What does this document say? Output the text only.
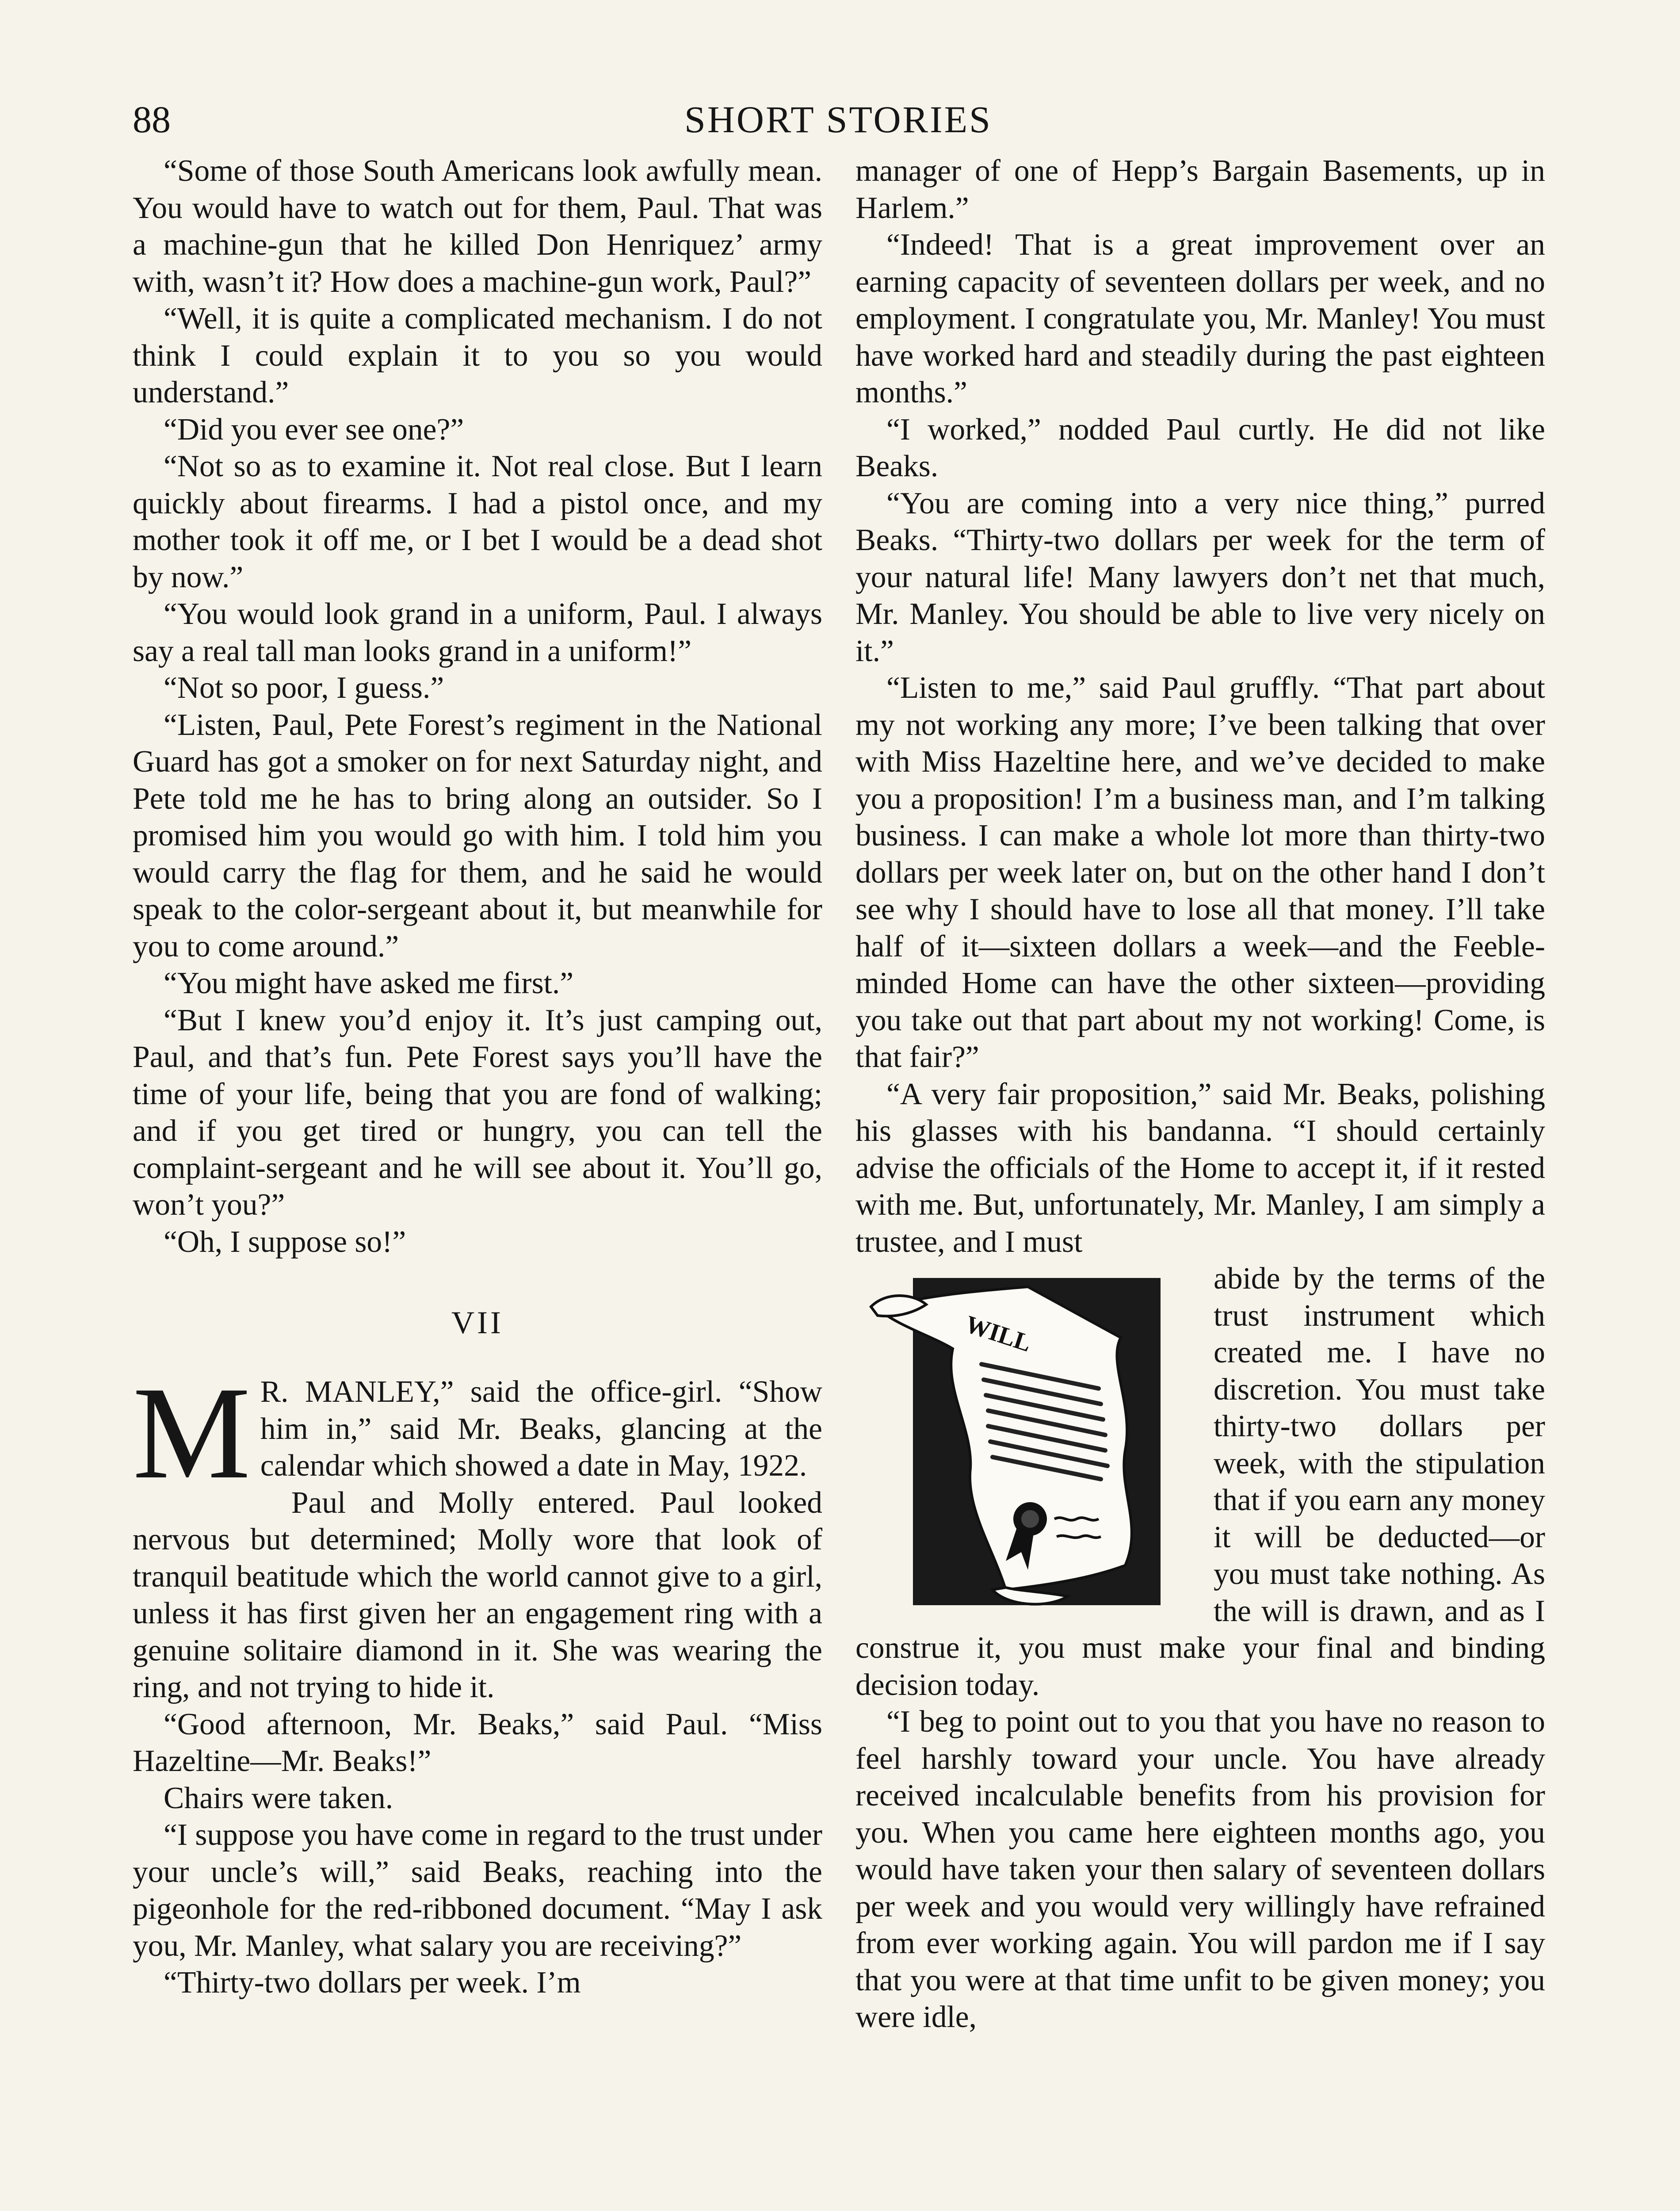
88	SHORT STORIES

“Some of those South Americans look awfully mean. You would have to watch out for them, Paul. That was a machine-gun that he killed Don Henriquez’ army with, wasn’t it? How does a machine-gun work, Paul?”

“Well, it is quite a complicated mechanism. I do not think I could explain it to you so you would understand.”

“Did you ever see one?”

“Not so as to examine it. Not real close. But I learn quickly about firearms. I had a pistol once, and my mother took it off me, or I bet I would be a dead shot by now.”

“You would look grand in a uniform, Paul. I always say a real tall man looks grand in a uniform!”

“Not so poor, I guess.”

“Listen, Paul, Pete Forest’s regiment in the National Guard has got a smoker on for next Saturday night, and Pete told me he has to bring along an outsider. So I promised him you would go with him. I told him you would carry the flag for them, and he said he would speak to the color-sergeant about it, but meanwhile for you to come around.”

“You might have asked me first.”

“But I knew you’d enjoy it. It’s just camping out, Paul, and that’s fun. Pete Forest says you’ll have the time of your life, being that you are fond of walking; and if you get tired or hungry, you can tell the complaint-sergeant and he will see about it. You’ll go, won’t you?”

“Oh, I suppose so!”

VII

M R. MANLEY,” said the office-girl. “Show him in,” said Mr. Beaks, glancing at the calendar which showed a date in May, 1922.

Paul and Molly entered. Paul looked nervous but determined; Molly wore that look of tranquil beatitude which the world cannot give to a girl, unless it has first given her an engagement ring with a genuine solitaire diamond in it. She was wearing the ring, and not trying to hide it.

“Good afternoon, Mr. Beaks,” said Paul. “Miss Hazeltine—Mr. Beaks!”

Chairs were taken.

“I suppose you have come in regard to the trust under your uncle’s will,” said Beaks, reaching into the pigeonhole for the red-ribboned document. “May I ask you, Mr. Manley, what salary you are receiving?”

“Thirty-two dollars per week. I’m

manager of one of Hepp’s Bargain Basements, up in Harlem.”

“Indeed! That is a great improvement over an earning capacity of seventeen dollars per week, and no employment. I congratulate you, Mr. Manley! You must have worked hard and steadily during the past eighteen months.”

“I worked,” nodded Paul curtly. He did not like Beaks.

“You are coming into a very nice thing,” purred Beaks. “Thirty-two dollars per week for the term of your natural life! Many lawyers don’t net that much, Mr. Manley. You should be able to live very nicely on it.”

“Listen to me,” said Paul gruffly. “That part about my not working any more; I’ve been talking that over with Miss Hazeltine here, and we’ve decided to make you a proposition! I’m a business man, and I’m talking business. I can make a whole lot more than thirty-two dollars per week later on, but on the other hand I don’t see why I should have to lose all that money. I’ll take half of it—sixteen dollars a week—and the Feeble-minded Home can have the other sixteen—providing you take out that part about my not working! Come, is that fair?”

“A very fair proposition,” said Mr. Beaks, polishing his glasses with his bandanna. “I should certainly advise the officials of the Home to accept it, if it rested with me. But, unfortunately, Mr. Manley, I am simply a trustee, and I must

WILL

abide by the terms of the trust instrument which created me. I have no discretion. You must take thirty-two dollars per week, with the stipulation that if you earn any money it will be deducted—or you must take nothing. As the will is drawn, and as I construe it, you must make your final and binding decision today.

“I beg to point out to you that you have no reason to feel harshly toward your uncle. You have already received incalculable benefits from his provision for you. When you came here eighteen months ago, you would have taken your then salary of seventeen dollars per week and you would very willingly have refrained from ever working again. You will pardon me if I say that you were at that time unfit to be given money; you were idle,
